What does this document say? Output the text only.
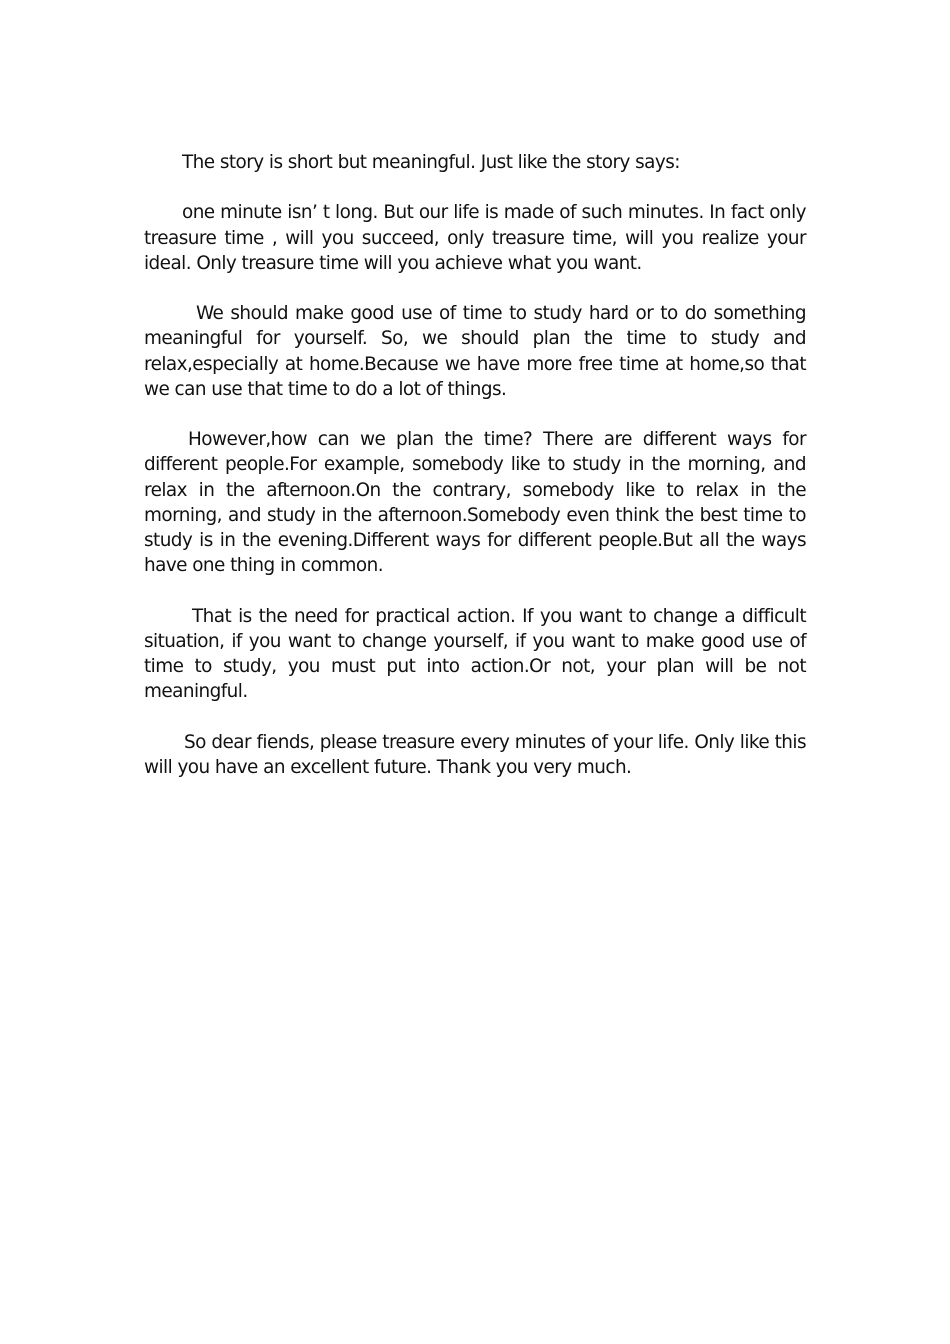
The story is short but meaningful. Just like the story says:

one minute isn’ t long. But our life is made of such minutes. In fact only treasure time , will you succeed, only treasure time, will you realize your ideal. Only treasure time will you achieve what you want.

We should make good use of time to study hard or to do something meaningful for yourself. So, we should plan the time to study and relax,especially at home.Because we have more free time at home,so that we can use that time to do a lot of things.

However,how can we plan the time? There are different ways for different people.For example, somebody like to study in the morning, and relax in the afternoon.On the contrary, somebody like to relax in the morning, and study in the afternoon.Somebody even think the best time to study is in the evening.Different ways for different people.But all the ways have one thing in common.

That is the need for practical action. If you want to change a difficult situation, if you want to change yourself, if you want to make good use of time to study, you must put into action.Or not, your plan will be not meaningful.

So dear fiends, please treasure every minutes of your life. Only like this will you have an excellent future. Thank you very much.
